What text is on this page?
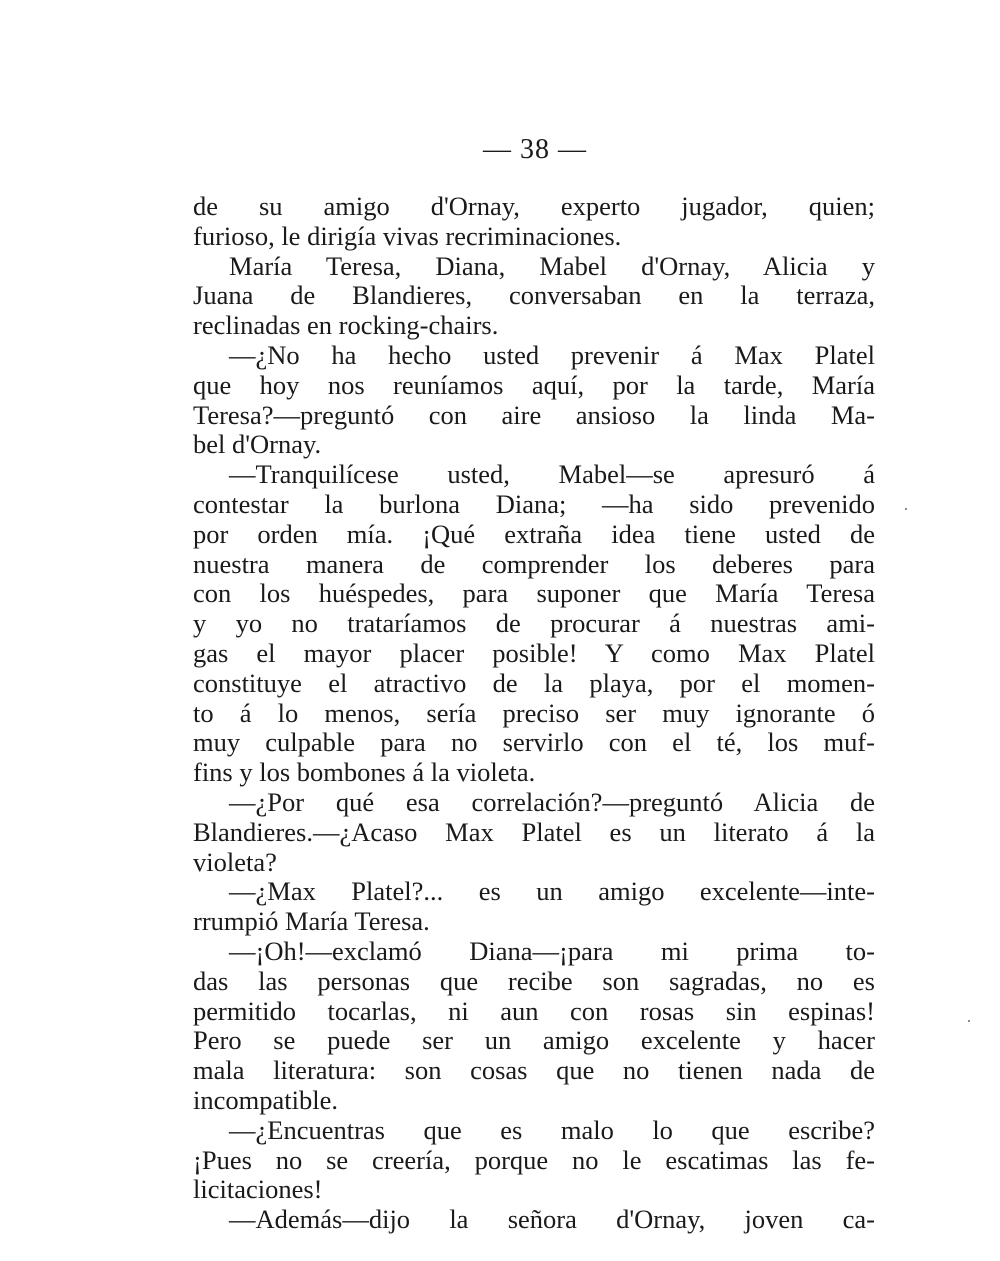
— 38 —
de su amigo d'Ornay, experto jugador, quien;
furioso, le dirigía vivas recriminaciones.
María Teresa, Diana, Mabel d'Ornay, Alicia y
Juana de Blandieres, conversaban en la terraza,
reclinadas en rocking-chairs.
—¿No ha hecho usted prevenir á Max Platel
que hoy nos reuníamos aquí, por la tarde, María
Teresa?—preguntó con aire ansioso la linda Ma-
bel d'Ornay.
—Tranquilícese usted, Mabel—se apresuró á
contestar la burlona Diana; —ha sido prevenido
por orden mía. ¡Qué extraña idea tiene usted de
nuestra manera de comprender los deberes para
con los huéspedes, para suponer que María Teresa
y yo no trataríamos de procurar á nuestras ami-
gas el mayor placer posible! Y como Max Platel
constituye el atractivo de la playa, por el momen-
to á lo menos, sería preciso ser muy ignorante ó
muy culpable para no servirlo con el té, los muf-
fins y los bombones á la violeta.
—¿Por qué esa correlación?—preguntó Alicia de
Blandieres.—¿Acaso Max Platel es un literato á la
violeta?
—¿Max Platel?... es un amigo excelente—inte-
rrumpió María Teresa.
—¡Oh!—exclamó Diana—¡para mi prima to-
das las personas que recibe son sagradas, no es
permitido tocarlas, ni aun con rosas sin espinas!
Pero se puede ser un amigo excelente y hacer
mala literatura: son cosas que no tienen nada de
incompatible.
—¿Encuentras que es malo lo que escribe?
¡Pues no se creería, porque no le escatimas las fe-
licitaciones!
—Además—dijo la señora d'Ornay, joven ca-
